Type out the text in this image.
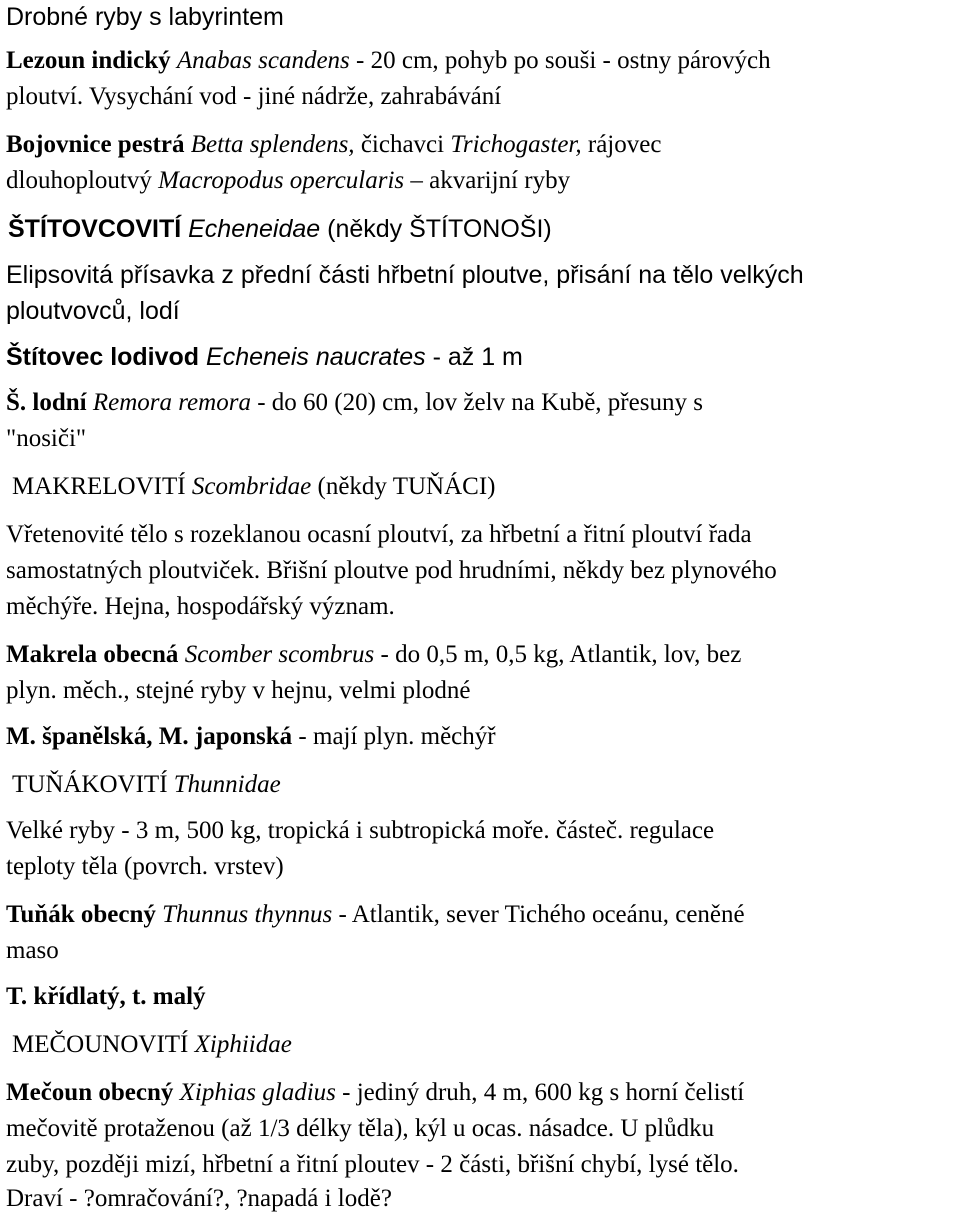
Drobné ryby s labyrintem
Lezoun indický Anabas scandens - 20 cm, pohyb po souši - ostny párových
ploutví. Vysychání vod - jiné nádrže, zahrabávání
Bojovnice pestrá Betta splendens, čichavci Trichogaster, rájovec
dlouhoploutvý Macropodus opercularis – akvarijní ryby
ŠTÍTOVCOVITÍ Echeneidae (někdy ŠTÍTONOŠI)
Elipsovitá přísavka z přední části hřbetní ploutve, přisání na tělo velkých
ploutvovců, lodí
Štítovec lodivod Echeneis naucrates - až 1 m
Š. lodní Remora remora - do 60 (20) cm, lov želv na Kubě, přesuny s
"nosiči"
MAKRELOVITÍ Scombridae (někdy TUŇÁCI)
Vřetenovité tělo s rozeklanou ocasní ploutví, za hřbetní a řitní ploutví řada
samostatných ploutviček. Břišní ploutve pod hrudními, někdy bez plynového
měchýře. Hejna, hospodářský význam.
Makrela obecná Scomber scombrus - do 0,5 m, 0,5 kg, Atlantik, lov, bez
plyn. měch., stejné ryby v hejnu, velmi plodné
M. španělská, M. japonská - mají plyn. měchýř
TUŇÁKOVITÍ Thunnidae
Velké ryby - 3 m, 500 kg, tropická i subtropická moře. částeč. regulace
teploty těla (povrch. vrstev)
Tuňák obecný Thunnus thynnus - Atlantik, sever Tichého oceánu, ceněné
maso
T. křídlatý, t. malý
MEČOUNOVITÍ Xiphiidae
Mečoun obecný Xiphias gladius - jediný druh, 4 m, 600 kg s horní čelistí
mečovitě protaženou (až 1/3 délky těla), kýl u ocas. násadce. U plůdku
zuby, později mizí, hřbetní a řitní ploutev - 2 části, břišní chybí, lysé tělo.
Draví - ?omračování?, ?napadá i lodě?
